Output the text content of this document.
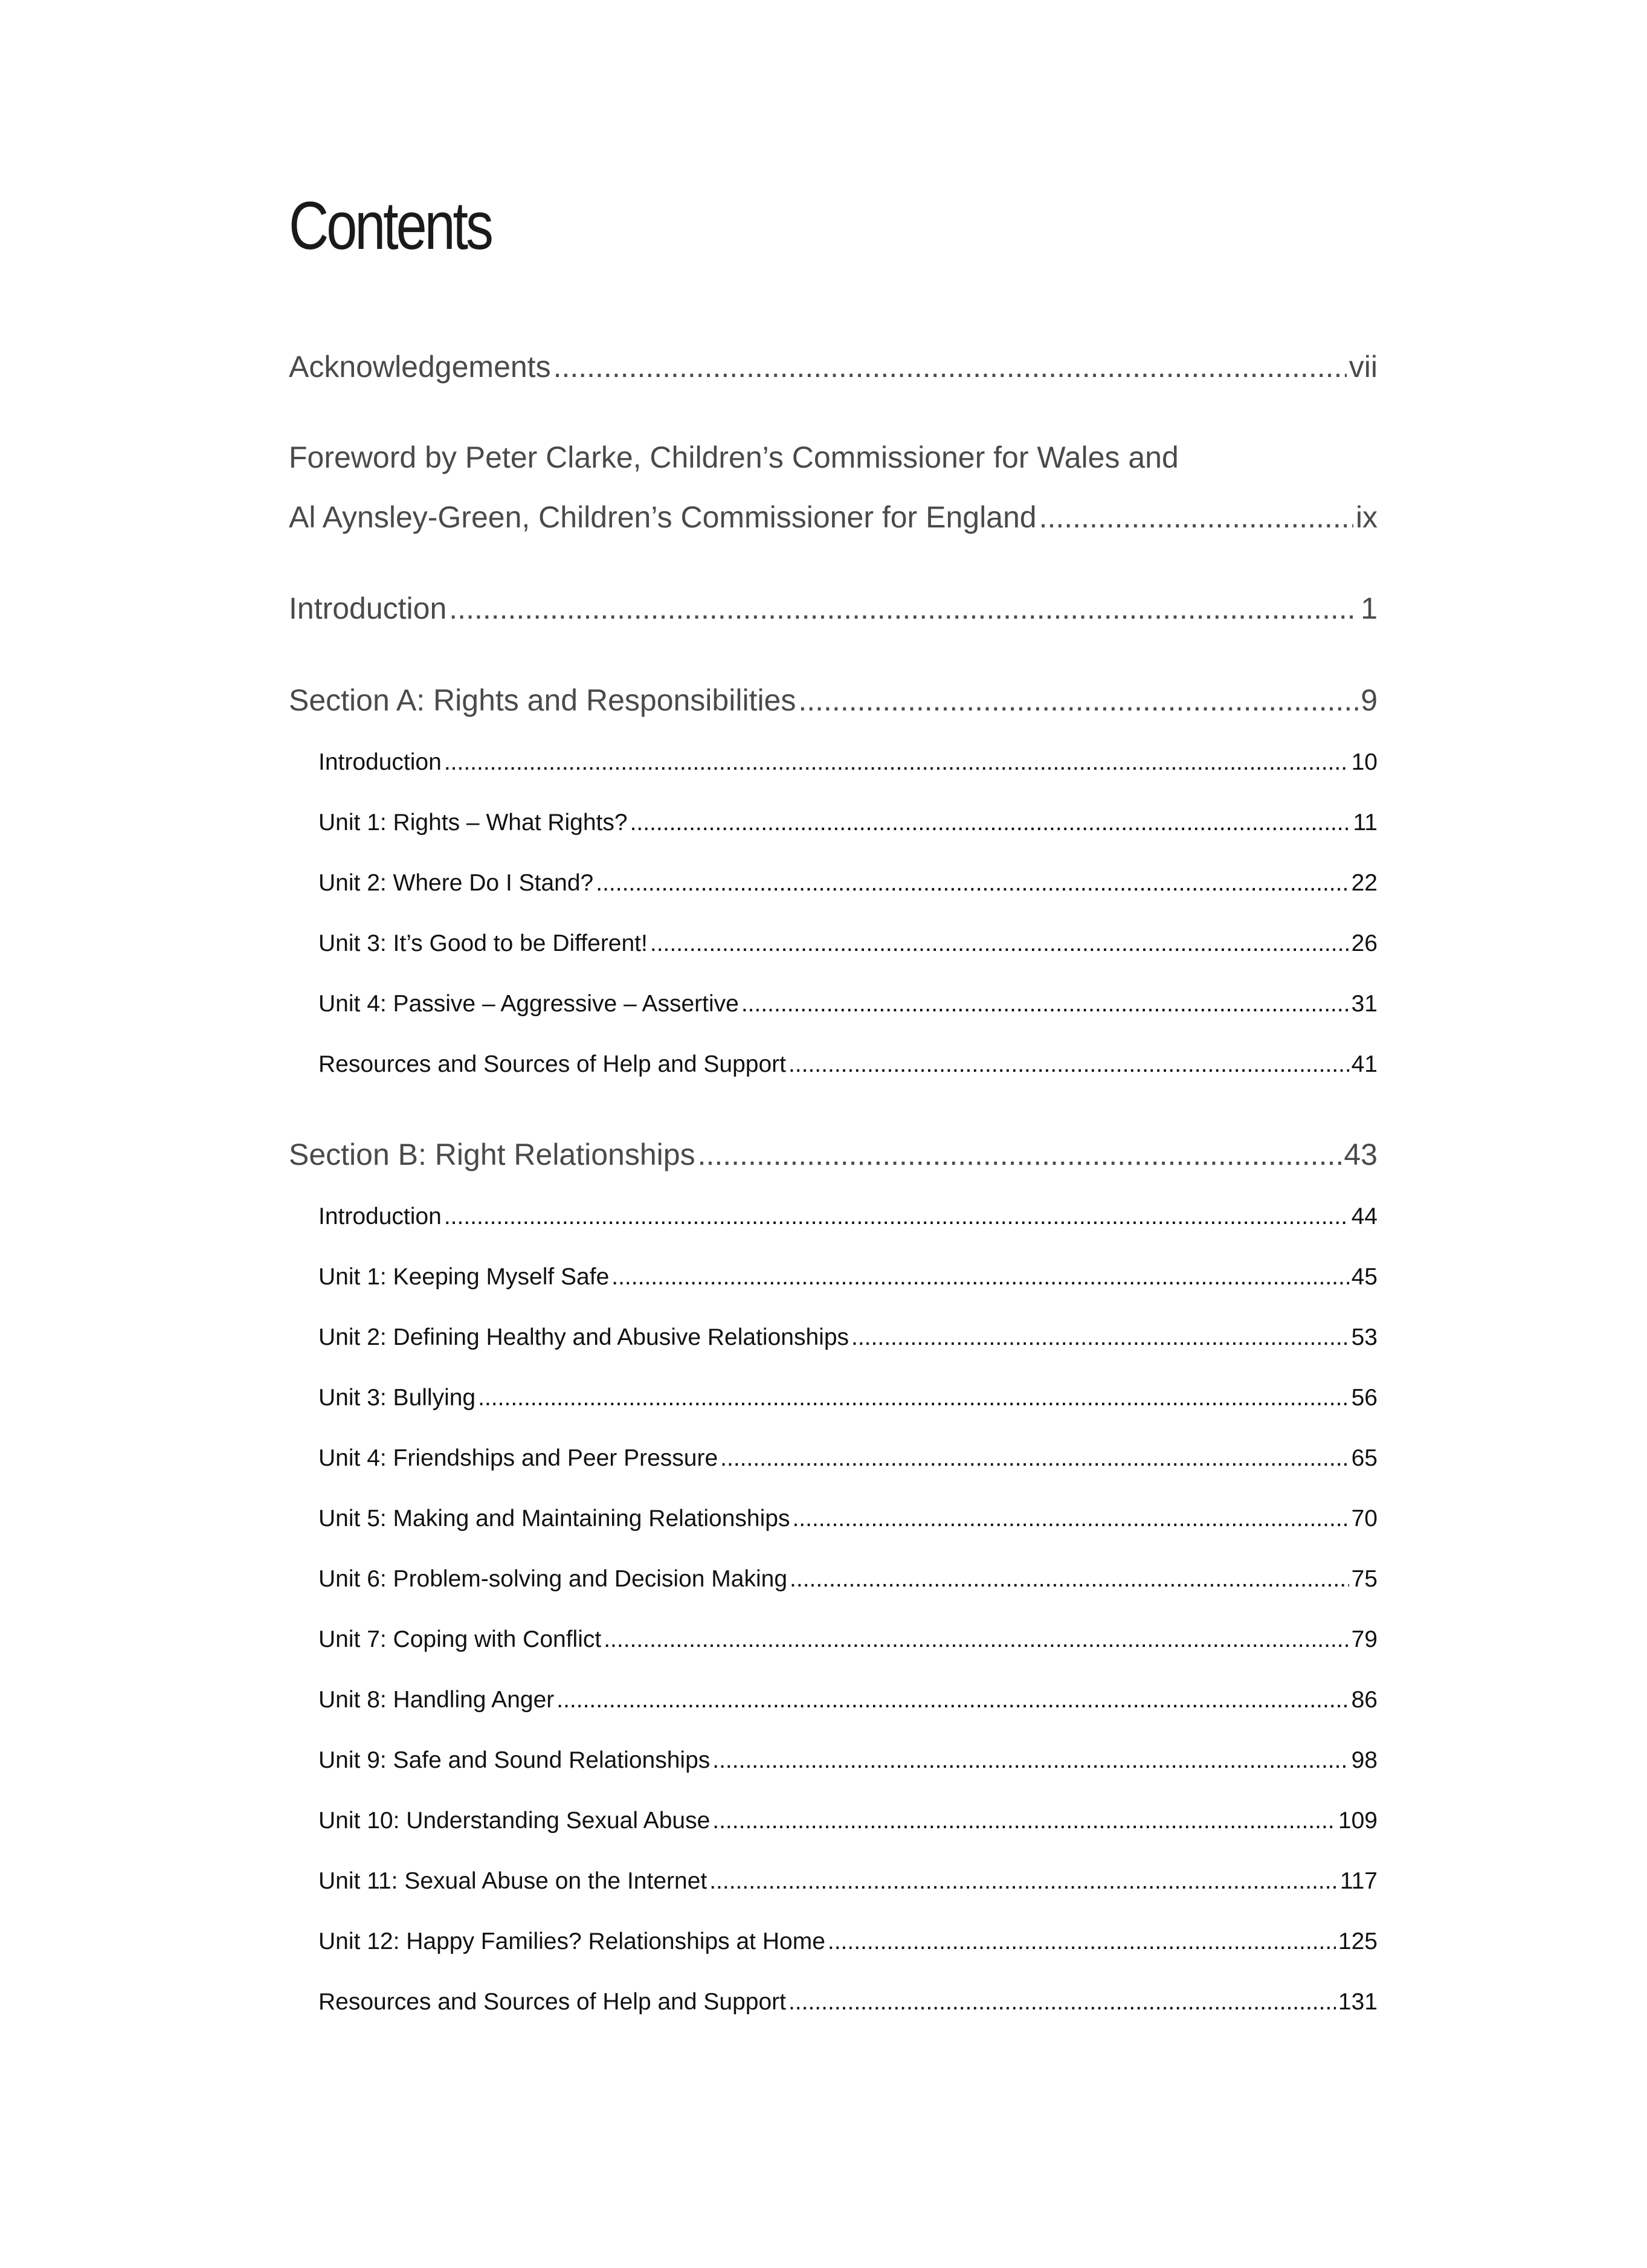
Contents
Acknowledgements .....	vii
Foreword by Peter Clarke, Children’s Commissioner for Wales and
Al Aynsley-Green, Children’s Commissioner for England .....	ix
Introduction .....	1
Section A: Rights and Responsibilities .....	9
Introduction .....	10
Unit 1: Rights – What Rights? .....	11
Unit 2: Where Do I Stand? .....	22
Unit 3: It’s Good to be Different! .....	26
Unit 4: Passive – Aggressive – Assertive .....	31
Resources and Sources of Help and Support .....	41
Section B: Right Relationships .....	43
Introduction .....	44
Unit 1: Keeping Myself Safe .....	45
Unit 2: Defining Healthy and Abusive Relationships .....	53
Unit 3: Bullying .....	56
Unit 4: Friendships and Peer Pressure .....	65
Unit 5: Making and Maintaining Relationships .....	70
Unit 6: Problem-solving and Decision Making .....	75
Unit 7: Coping with Conflict .....	79
Unit 8: Handling Anger .....	86
Unit 9: Safe and Sound Relationships .....	98
Unit 10: Understanding Sexual Abuse .....	109
Unit 11: Sexual Abuse on the Internet .....	117
Unit 12: Happy Families? Relationships at Home .....	125
Resources and Sources of Help and Support .....	131
